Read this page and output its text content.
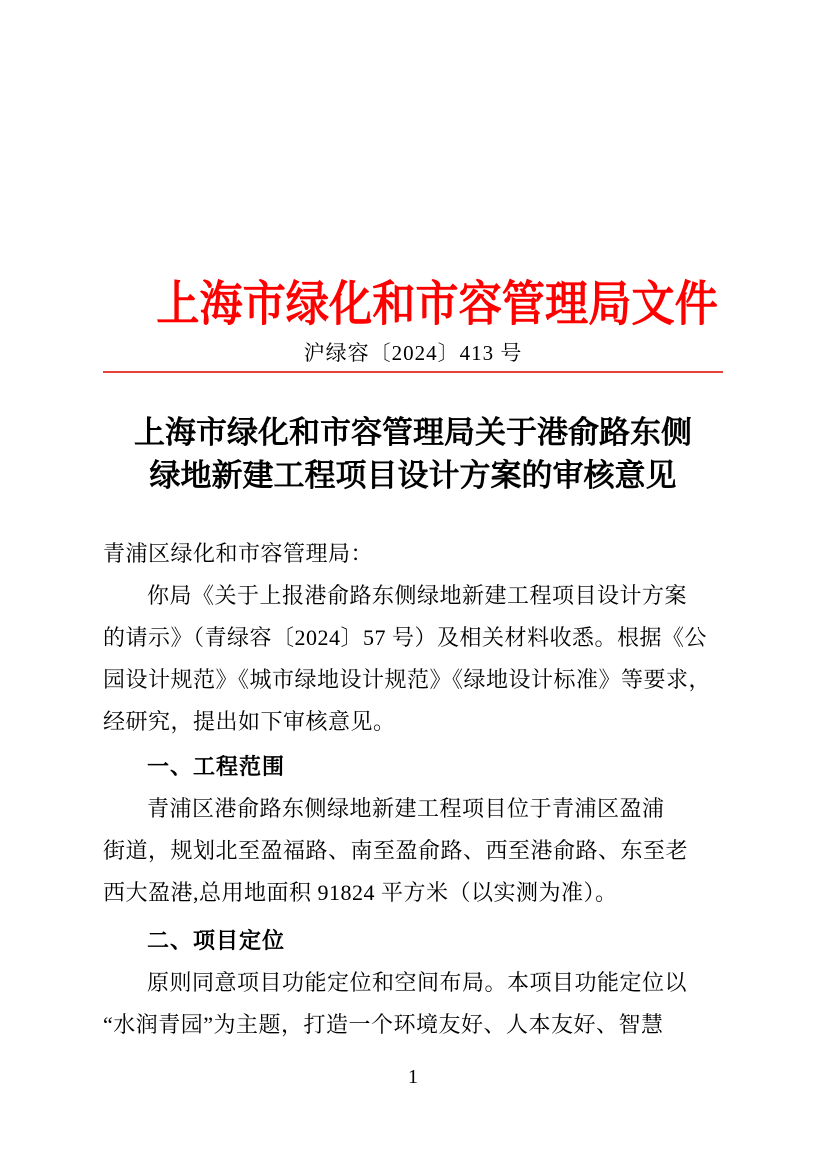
上海市绿化和市容管理局文件

沪绿容〔2024〕413 号
上海市绿化和市容管理局关于港俞路东侧
绿地新建工程项目设计方案的审核意见
青浦区绿化和市容管理局：
你局《关于上报港俞路东侧绿地新建工程项目设计方案
的请示》（青绿容〔2024〕57 号）及相关材料收悉。根据《公
园设计规范》《城市绿地设计规范》《绿地设计标准》等要求，
经研究，提出如下审核意见。
一、工程范围
青浦区港俞路东侧绿地新建工程项目位于青浦区盈浦
街道，规划北至盈福路、南至盈俞路、西至港俞路、东至老
西大盈港,总用地面积 91824 平方米（以实测为准）。
二、项目定位
原则同意项目功能定位和空间布局。本项目功能定位以
“水润青园”为主题，打造一个环境友好、人本友好、智慧
1
